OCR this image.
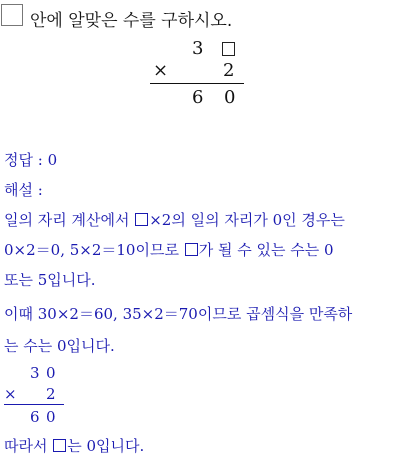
안에 알맞은 수를 구하시오.
3
×	2
6 0
정답 : 0
해설 :
일의 자리 계산에서 ×2의 일의 자리가 0인 경우는
0×2＝0, 5×2＝10이므로 가 될 수 있는 수는 0
또는 5입니다.
이때 30×2＝60, 35×2＝70이므로 곱셈식을 만족하
는 수는 0입니다.
3 0
× 2
6 0
따라서 는 0입니다.
